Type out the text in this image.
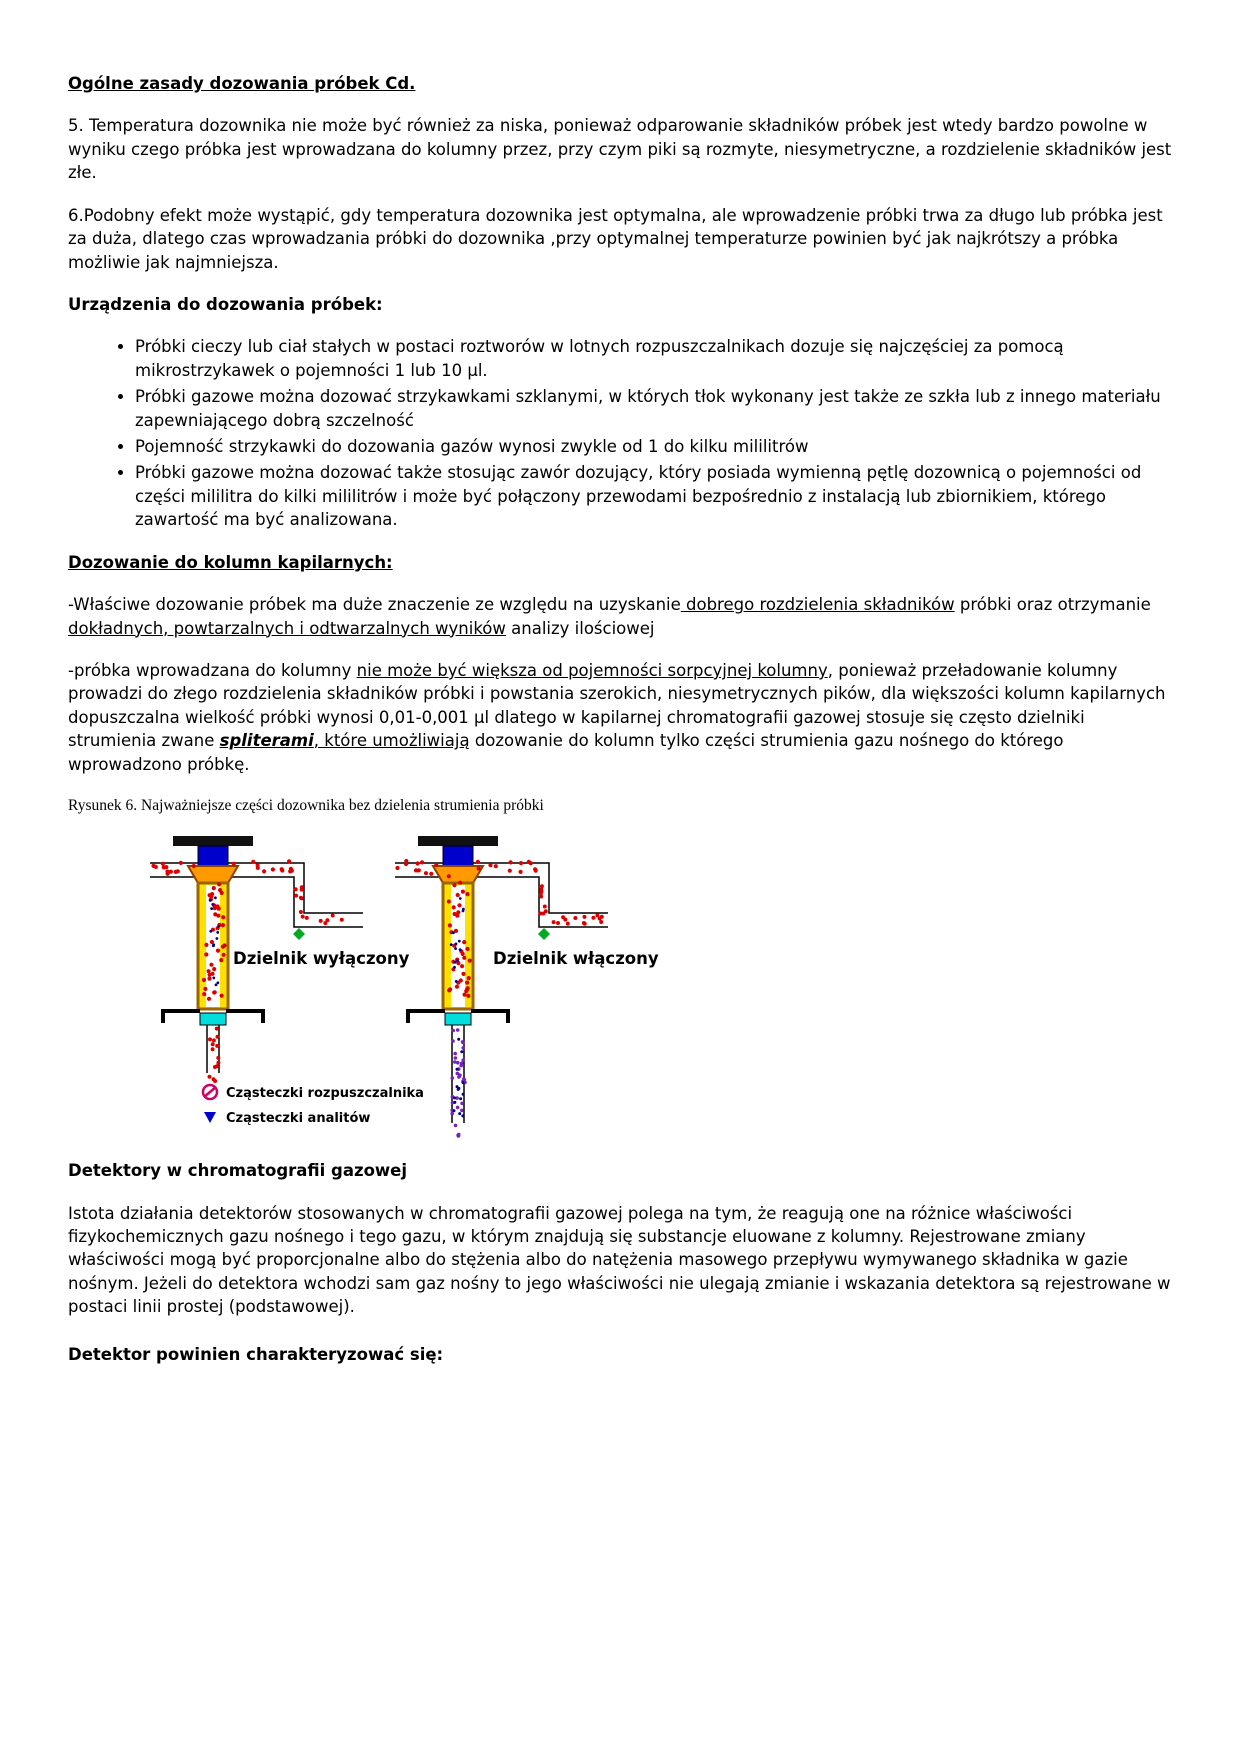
Ogólne zasady dozowania próbek Cd.

5. Temperatura dozownika nie może być również za niska, ponieważ odparowanie składników próbek jest wtedy bardzo powolne w wyniku czego próbka jest wprowadzana do kolumny przez, przy czym piki są rozmyte, niesymetryczne, a rozdzielenie składników jest złe.

6.Podobny efekt może wystąpić, gdy temperatura dozownika jest optymalna, ale wprowadzenie próbki trwa za długo lub próbka jest za duża, dlatego czas wprowadzania próbki do dozownika ,przy optymalnej temperaturze powinien być jak najkrótszy a próbka możliwie jak najmniejsza.

Urządzenia do dozowania próbek:
• Próbki cieczy lub ciał stałych w postaci roztworów w lotnych rozpuszczalnikach dozuje się najczęściej za pomocą mikrostrzykawek o pojemności 1 lub 10 µl.
• Próbki gazowe można dozować strzykawkami szklanymi, w których tłok wykonany jest także ze szkła lub z innego materiału zapewniającego dobrą szczelność
• Pojemność strzykawki do dozowania gazów wynosi zwykle od 1 do kilku mililitrów
• Próbki gazowe można dozować także stosując zawór dozujący, który posiada wymienną pętlę dozownicą o pojemności od części mililitra do kilki mililitrów i może być połączony przewodami bezpośrednio z instalacją lub zbiornikiem, którego zawartość ma być analizowana.
Dozowanie do kolumn kapilarnych:

-Właściwe dozowanie próbek ma duże znaczenie ze względu na uzyskanie dobrego rozdzielenia składników próbki oraz otrzymanie dokładnych, powtarzalnych i odtwarzalnych wyników analizy ilościowej

-próbka wprowadzana do kolumny nie może być większa od pojemności sorpcyjnej kolumny, ponieważ przeładowanie kolumny prowadzi do złego rozdzielenia składników próbki i powstania szerokich, niesymetrycznych pików, dla większości kolumn kapilarnych dopuszczalna wielkość próbki wynosi 0,01-0,001 µl dlatego w kapilarnej chromatografii gazowej stosuje się często dzielniki strumienia zwane spliterami, które umożliwiają dozowanie do kolumn tylko części strumienia gazu nośnego do którego wprowadzono próbkę.

Rysunek 6. Najważniejsze części dozownika bez dzielenia strumienia próbki

Dzielnik wyłączony	Dzielnik włączony
Cząsteczki rozpuszczalnika
Cząsteczki analitów
Detektory w chromatografii gazowej

Istota działania detektorów stosowanych w chromatografii gazowej polega na tym, że reagują one na różnice właściwości fizykochemicznych gazu nośnego i tego gazu, w którym znajdują się substancje eluowane z kolumny. Rejestrowane zmiany właściwości mogą być proporcjonalne albo do stężenia albo do natężenia masowego przepływu wymywanego składnika w gazie nośnym. Jeżeli do detektora wchodzi sam gaz nośny to jego właściwości nie ulegają zmianie i wskazania detektora są rejestrowane w postaci linii prostej (podstawowej).

Detektor powinien charakteryzować się:
